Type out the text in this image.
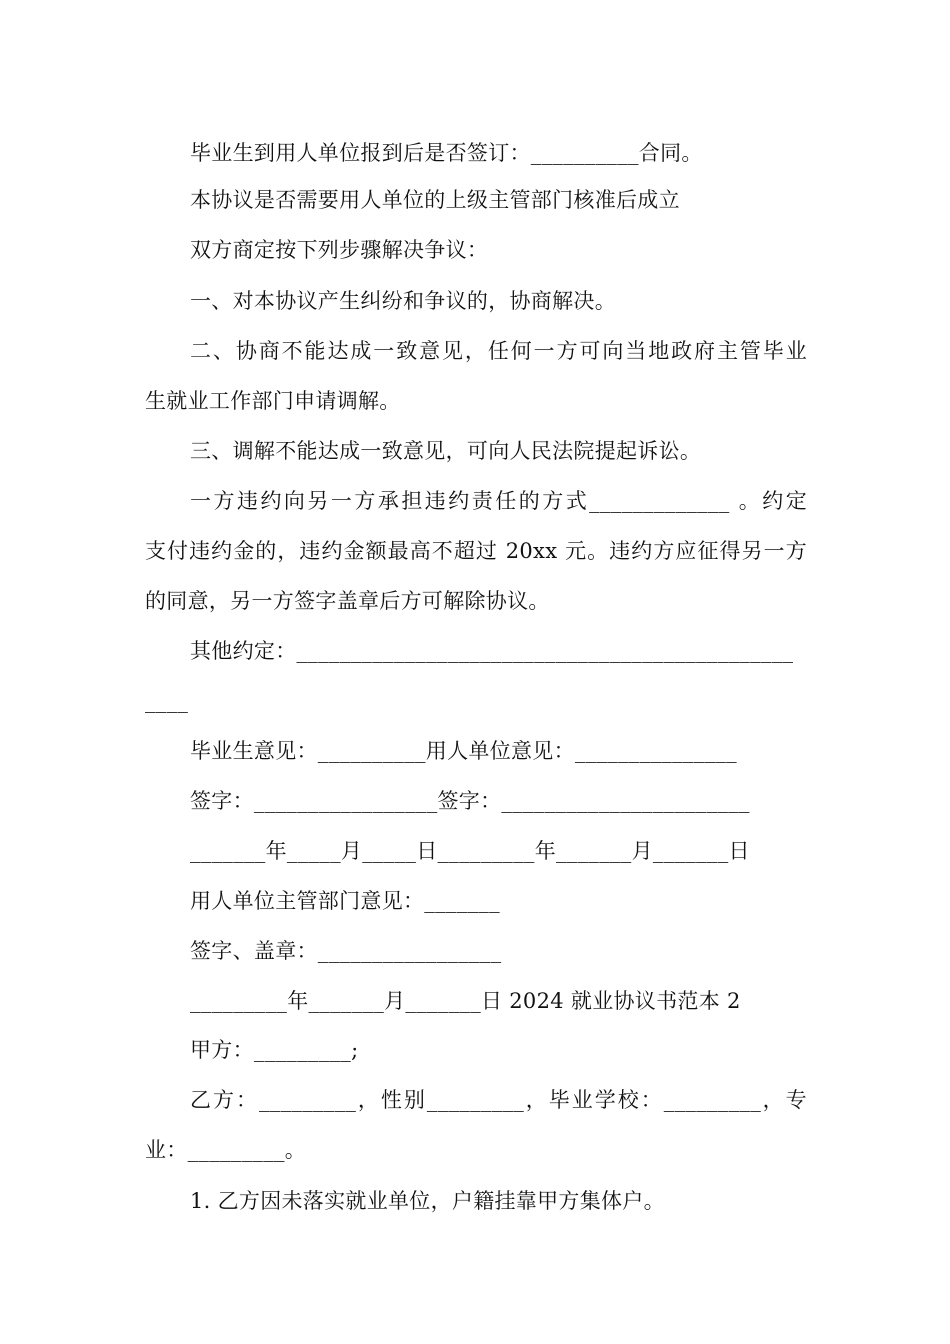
毕业生到用人单位报到后是否签订：__________合同。
本协议是否需要用人单位的上级主管部门核准后成立
双方商定按下列步骤解决争议：
一、对本协议产生纠纷和争议的，协商解决。
二、协商不能达成一致意见，任何一方可向当地政府主管毕业
生就业工作部门申请调解。
三、调解不能达成一致意见，可向人民法院提起诉讼。
一方违约向另一方承担违约责任的方式_____________ 。约定
支付违约金的，违约金额最高不超过 20xx 元。违约方应征得另一方
的同意，另一方签字盖章后方可解除协议。
其他约定：______________________________________________
____
毕业生意见：__________用人单位意见：_______________
签字：_________________签字：_______________________
_______年_____月_____日_________年_______月_______日
用人单位主管部门意见：_______
签字、盖章：_________________
_________年_______月_______日 2024 就业协议书范本 2
甲方：_________;
乙方：_________，性别_________，毕业学校：_________，专
业：_________。
1. 乙方因未落实就业单位，户籍挂靠甲方集体户。
